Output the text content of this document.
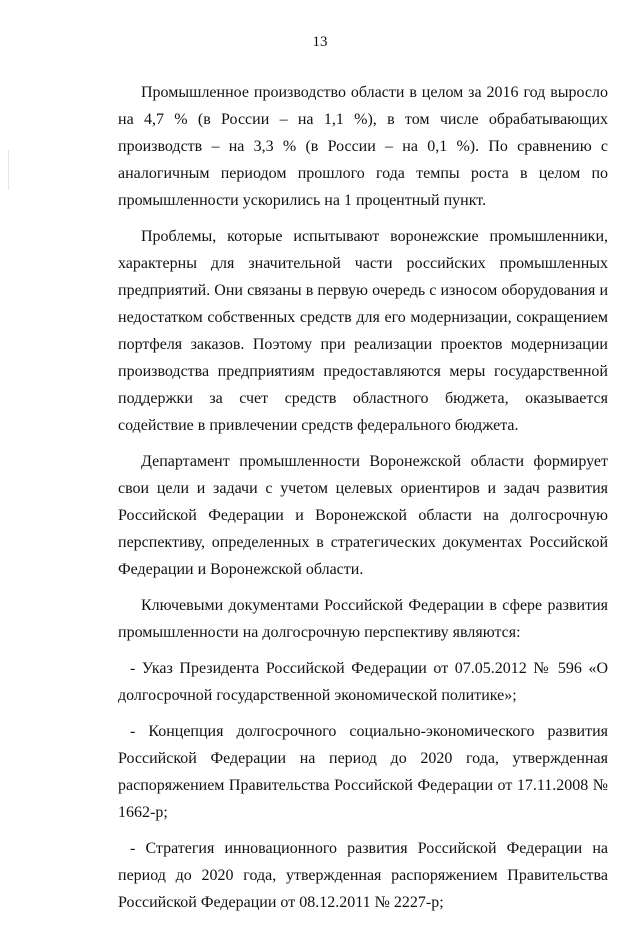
13

Промышленное производство области в целом за 2016 год выросло на 4,7 % (в России – на 1,1 %), в том числе обрабатывающих производств – на 3,3 % (в России – на 0,1 %). По сравнению с аналогичным периодом прошлого года темпы роста в целом по промышленности ускорились на 1 процентный пункт.

Проблемы, которые испытывают воронежские промышленники, характерны для значительной части российских промышленных предприятий. Они связаны в первую очередь с износом оборудования и недостатком собственных средств для его модернизации, сокращением портфеля заказов. Поэтому при реализации проектов модернизации производства предприятиям предоставляются меры государственной поддержки за счет средств областного бюджета, оказывается содействие в привлечении средств федерального бюджета.

Департамент промышленности Воронежской области формирует свои цели и задачи с учетом целевых ориентиров и задач развития Российской Федерации и Воронежской области на долгосрочную перспективу, определенных в стратегических документах Российской Федерации и Воронежской области.

Ключевыми документами Российской Федерации в сфере развития промышленности на долгосрочную перспективу являются:

- Указ Президента Российской Федерации от 07.05.2012 № 596 «О долгосрочной государственной экономической политике»;

- Концепция долгосрочного социально-экономического развития Российской Федерации на период до 2020 года, утвержденная распоряжением Правительства Российской Федерации от 17.11.2008 № 1662-р;

- Стратегия инновационного развития Российской Федерации на период до 2020 года, утвержденная распоряжением Правительства Российской Федерации от 08.12.2011 № 2227-р;
